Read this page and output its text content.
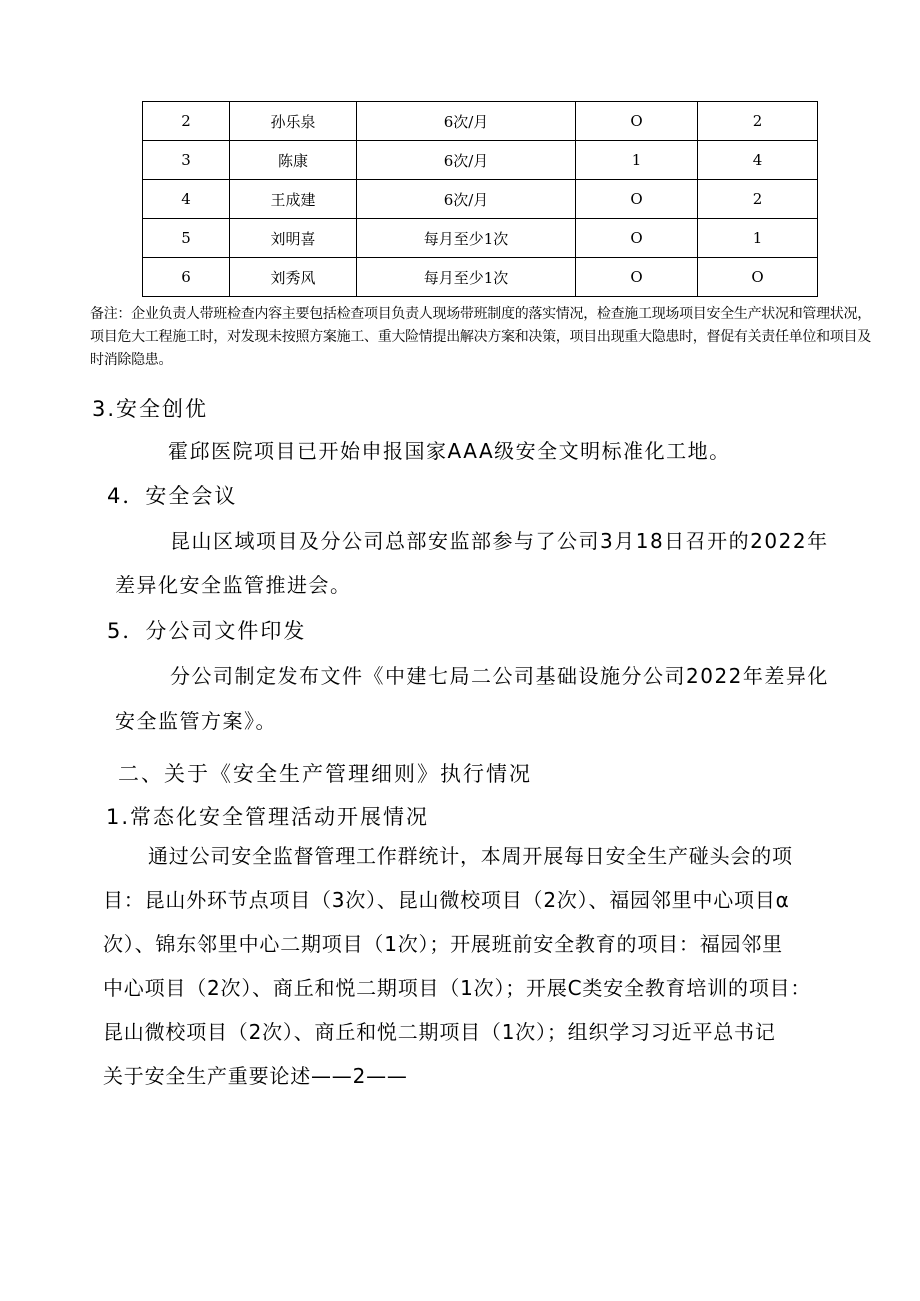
2	孙乐泉	6次/月	O	2
3	陈康	6次/月	1	4
4	王成建	6次/月	O	2
5	刘明喜	每月至少1次	O	1
6	刘秀风	每月至少1次	O	O
备注：企业负责人带班检查内容主要包括检查项目负责人现场带班制度的落实情况，检查施工现场项目安全生产状况和管理状况，项目危大工程施工时，对发现未按照方案施工、重大险情提出解决方案和决策，项目出现重大隐患时，督促有关责任单位和项目及时消除隐患。
3.安全创优
霍邱医院项目已开始申报国家AAA级安全文明标准化工地。
4．安全会议
昆山区域项目及分公司总部安监部参与了公司3月18日召开的2022年
差异化安全监管推进会。
5．分公司文件印发
分公司制定发布文件《中建七局二公司基础设施分公司2022年差异化
安全监管方案》。
二、关于《安全生产管理细则》执行情况
1.常态化安全管理活动开展情况
通过公司安全监督管理工作群统计，本周开展每日安全生产碰头会的项
目：昆山外环节点项目（3次）、昆山微校项目（2次）、福园邻里中心项目α
次）、锦东邻里中心二期项目（1次）；开展班前安全教育的项目：福园邻里
中心项目（2次）、商丘和悦二期项目（1次）；开展C类安全教育培训的项目：
昆山微校项目（2次）、商丘和悦二期项目（1次）；组织学习习近平总书记
关于安全生产重要论述——2——
